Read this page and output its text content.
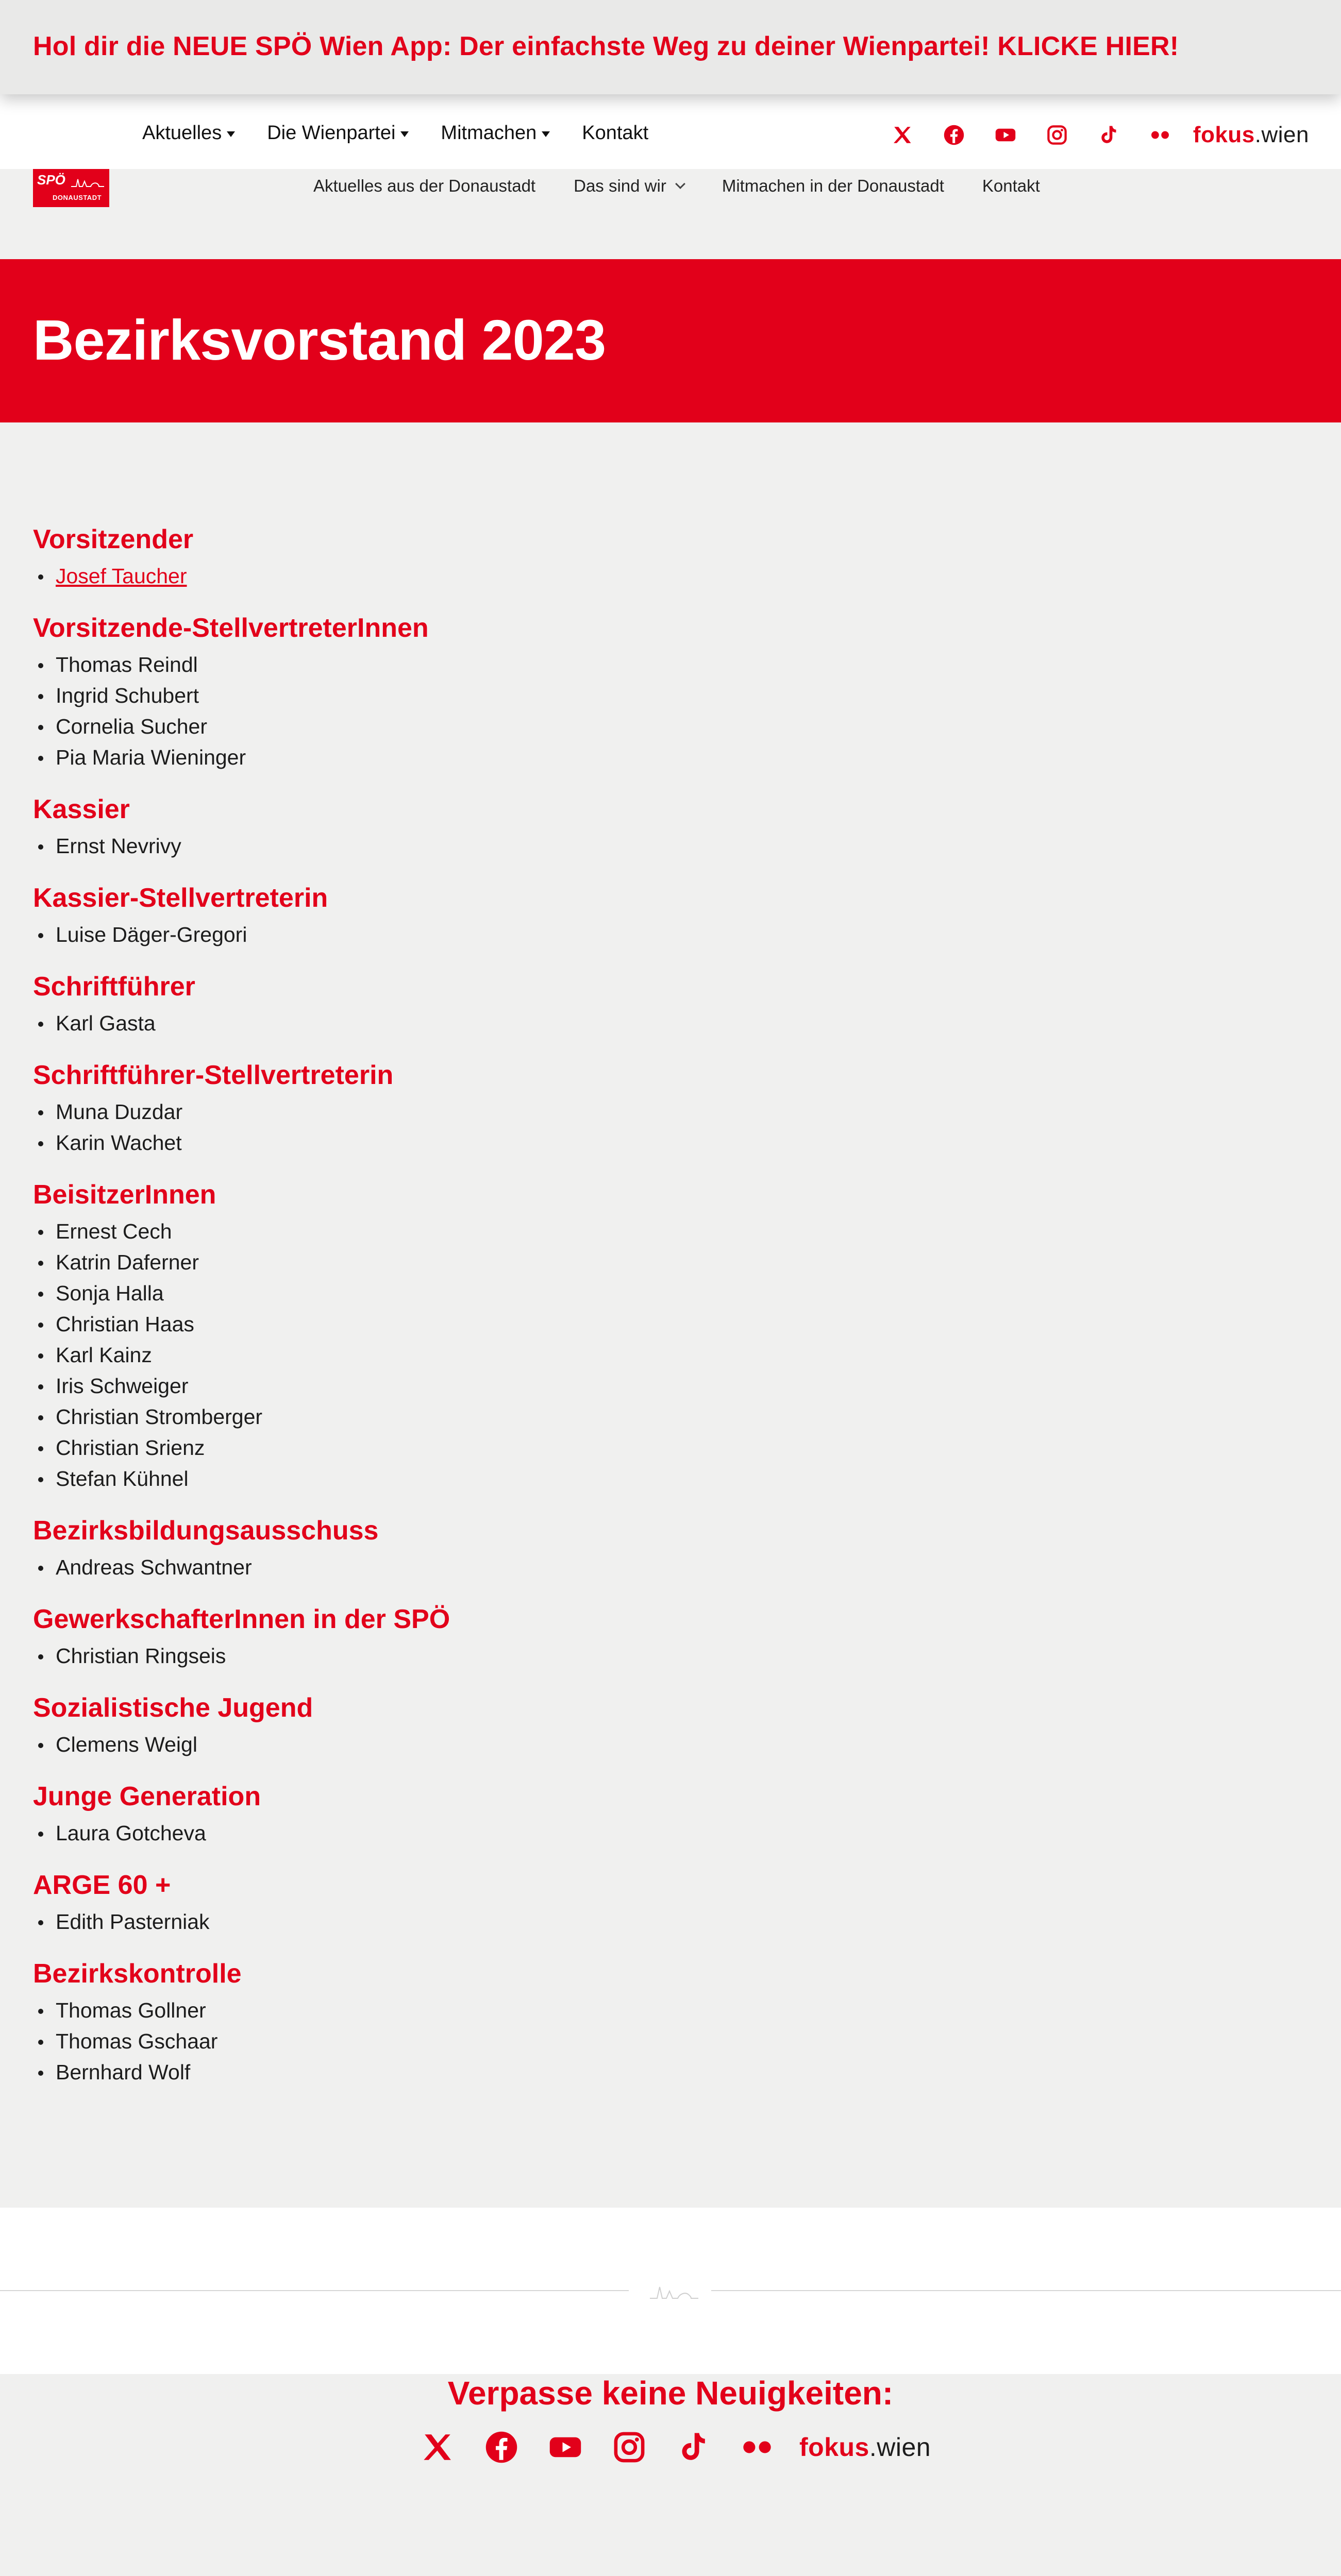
Hol dir die NEUE SPÖ Wien App: Der einfachste Weg zu deiner Wienpartei! KLICKE HIER!
Aktuelles Die Wienpartei Mitmachen Kontakt	fokus.wien
SPÖ
DONAUSTADT
Aktuelles aus der Donaustadt Das sind wir	Mitmachen in der Donaustadt Kontakt
Bezirksvorstand 2023
Vorsitzender
Josef Taucher
Vorsitzende-StellvertreterInnen
Thomas Reindl
Ingrid Schubert
Cornelia Sucher
Pia Maria Wieninger
Kassier
Ernst Nevrivy
Kassier-Stellvertreterin
Luise Däger-Gregori
Schriftführer
Karl Gasta
Schriftführer-Stellvertreterin
Muna Duzdar
Karin Wachet
BeisitzerInnen
Ernest Cech
Katrin Daferner
Sonja Halla
Christian Haas
Karl Kainz
Iris Schweiger
Christian Stromberger
Christian Srienz
Stefan Kühnel
Bezirksbildungsausschuss
Andreas Schwantner
GewerkschafterInnen in der SPÖ
Christian Ringseis
Sozialistische Jugend
Clemens Weigl
Junge Generation
Laura Gotcheva
ARGE 60 +
Edith Pasterniak
Bezirkskontrolle
Thomas Gollner
Thomas Gschaar
Bernhard Wolf
Verpasse keine Neuigkeiten:
fokus.wien
